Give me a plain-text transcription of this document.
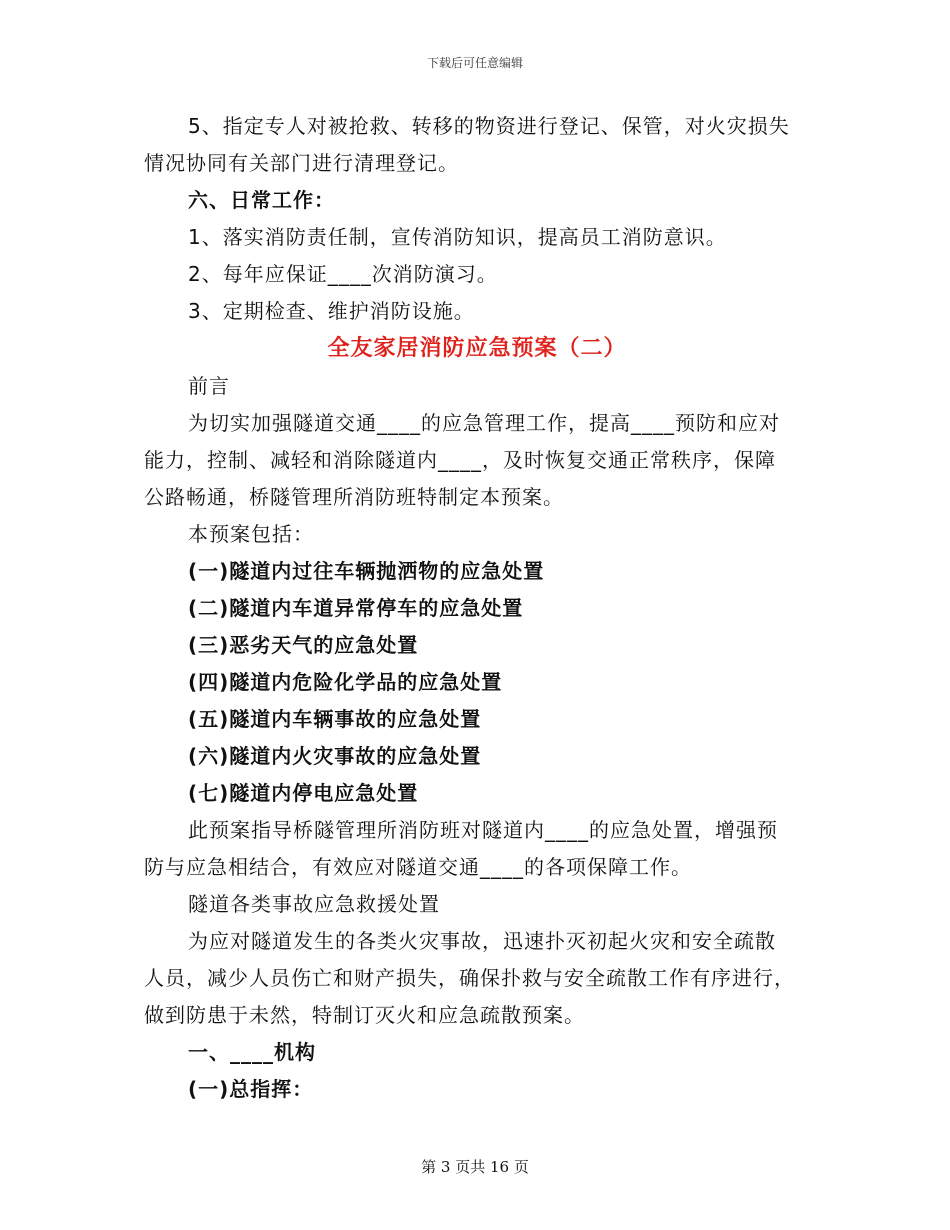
下载后可任意编辑
5、指定专人对被抢救、转移的物资进行登记、保管，对火灾损失
情况协同有关部门进行清理登记。
六、日常工作：
1、落实消防责任制，宣传消防知识，提高员工消防意识。
2、每年应保证____次消防演习。
3、定期检查、维护消防设施。
全友家居消防应急预案（二）
前言
为切实加强隧道交通____的应急管理工作，提高____预防和应对
能力，控制、减轻和消除隧道内____，及时恢复交通正常秩序，保障
公路畅通，桥隧管理所消防班特制定本预案。
本预案包括：
(一)隧道内过往车辆抛洒物的应急处置
(二)隧道内车道异常停车的应急处置
(三)恶劣天气的应急处置
(四)隧道内危险化学品的应急处置
(五)隧道内车辆事故的应急处置
(六)隧道内火灾事故的应急处置
(七)隧道内停电应急处置
此预案指导桥隧管理所消防班对隧道内____的应急处置，增强预
防与应急相结合，有效应对隧道交通____的各项保障工作。
隧道各类事故应急救援处置
为应对隧道发生的各类火灾事故，迅速扑灭初起火灾和安全疏散
人员，减少人员伤亡和财产损失，确保扑救与安全疏散工作有序进行，
做到防患于未然，特制订灭火和应急疏散预案。
一、____机构
(一)总指挥：
第 3 页共 16 页
